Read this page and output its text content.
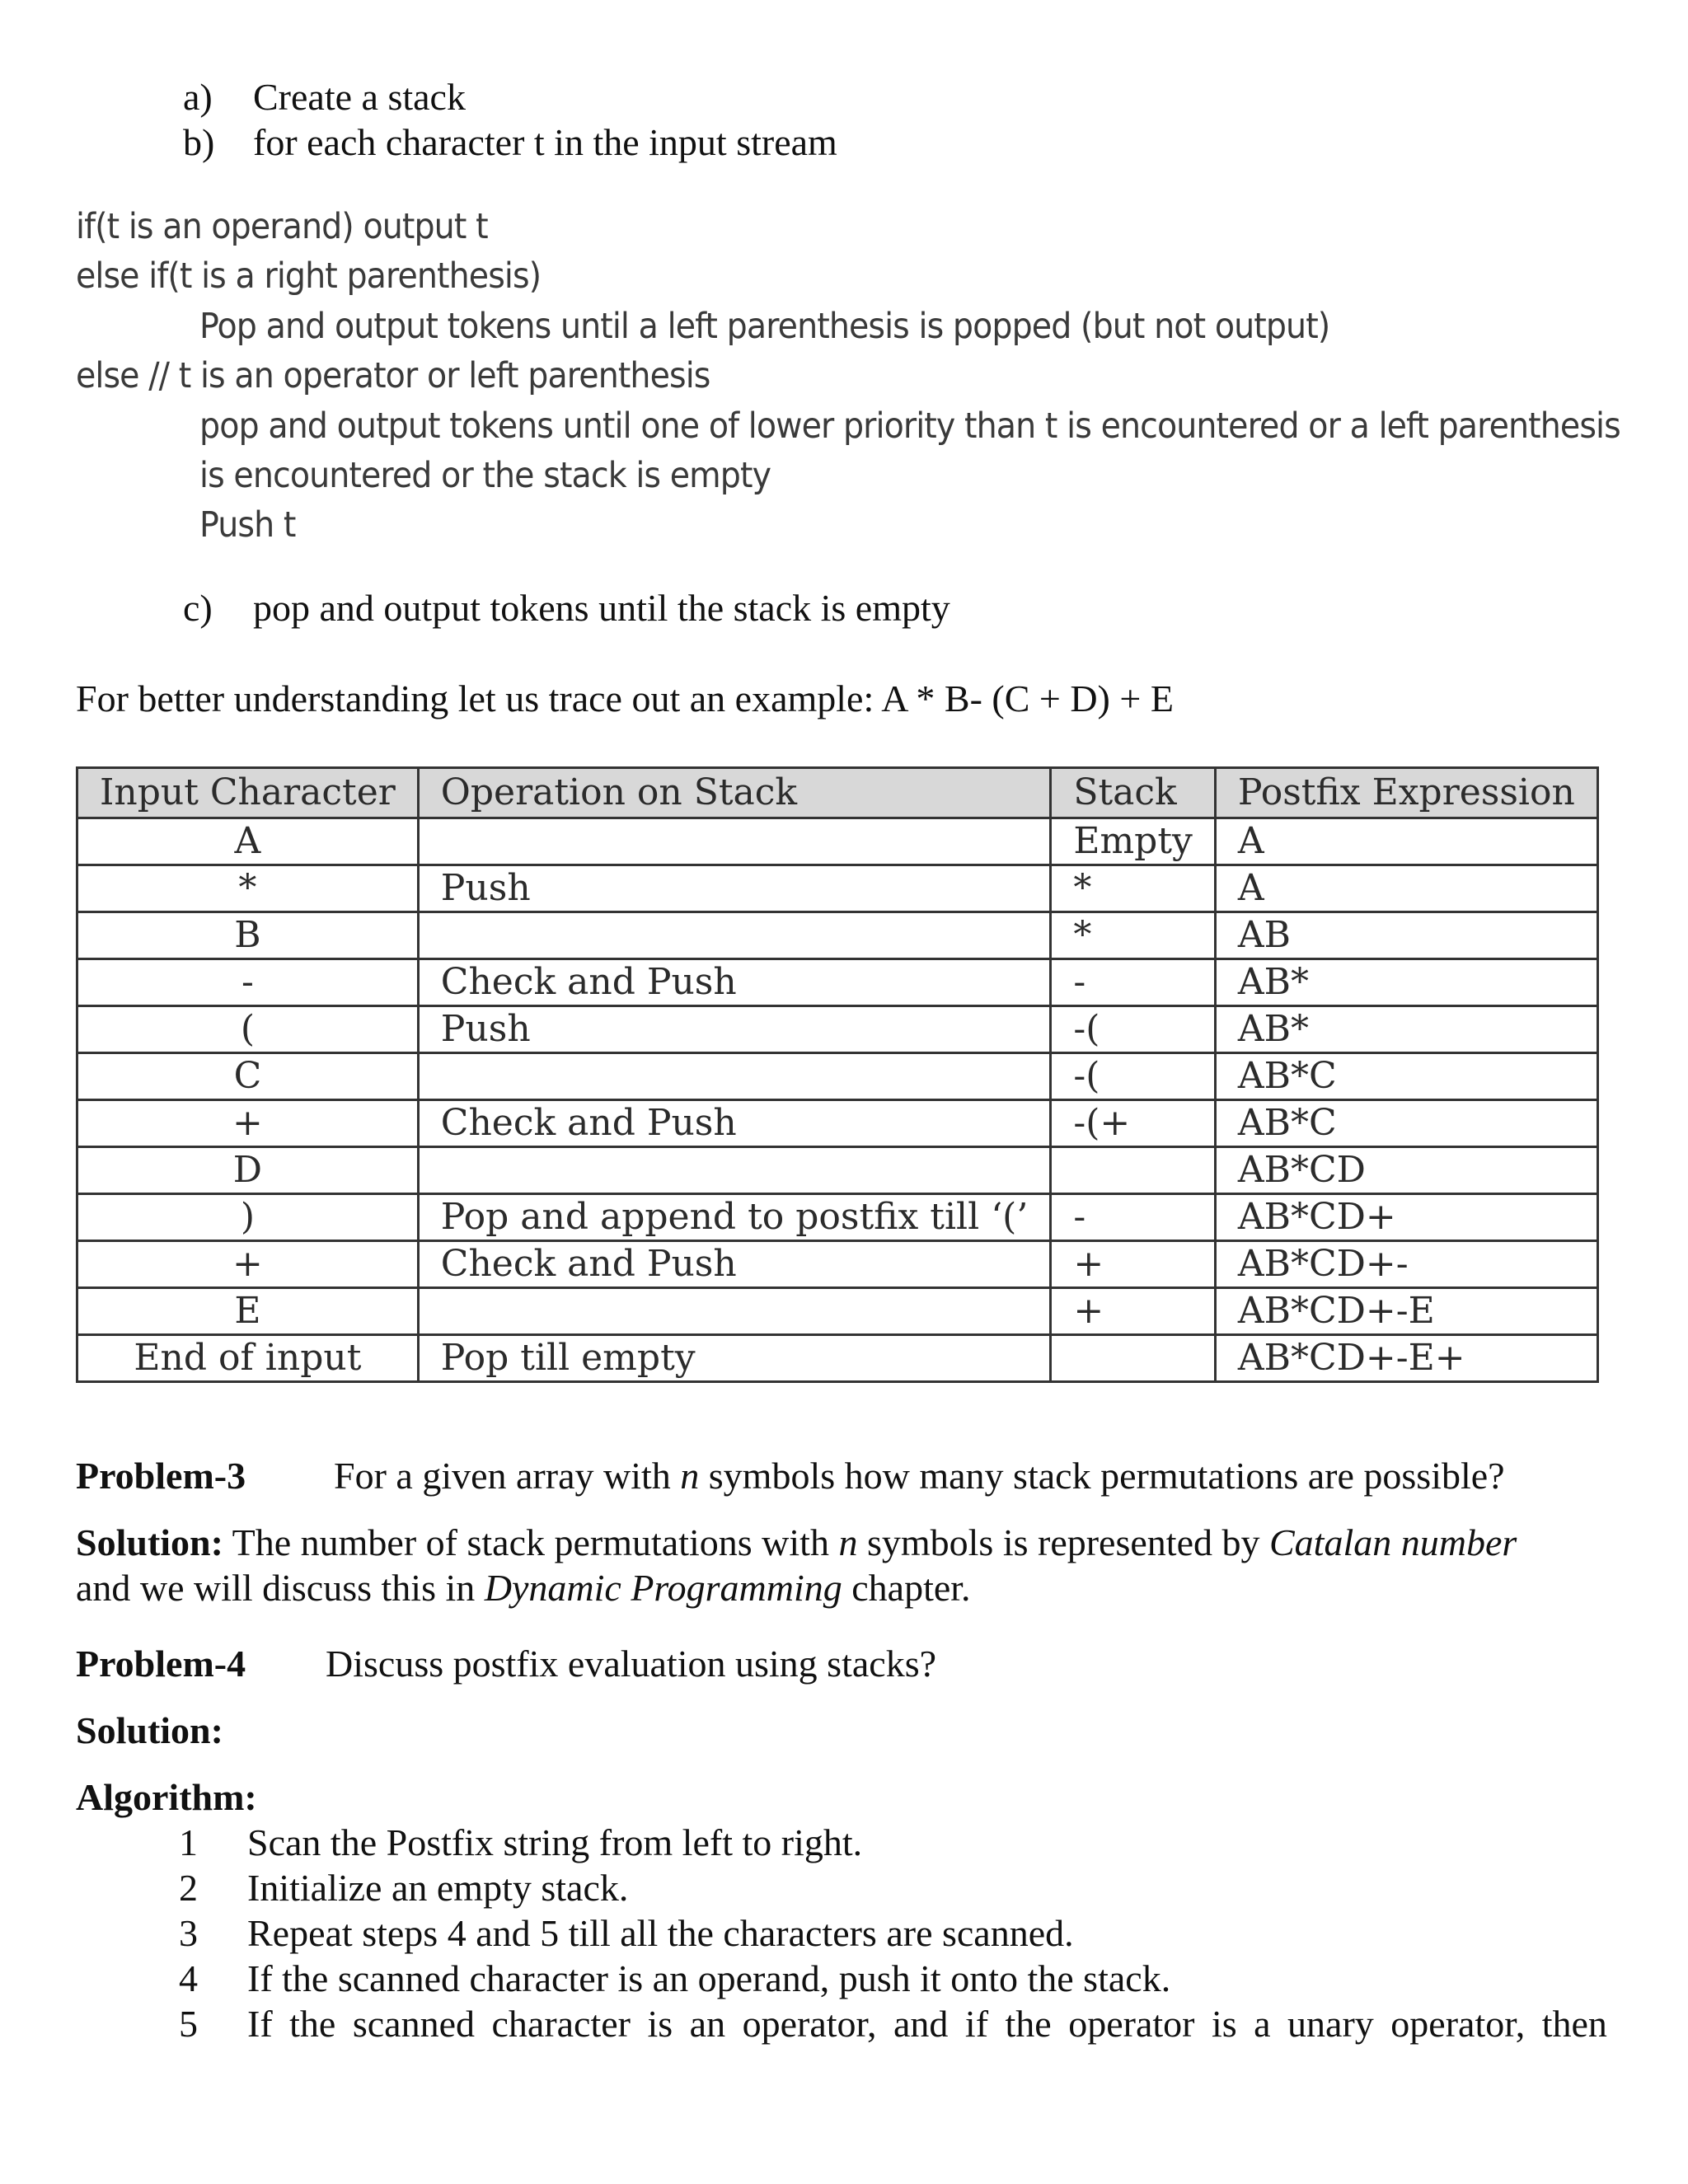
a) Create a stack
b) for each character t in the input stream
if(t is an operand) output t
else if(t is a right parenthesis)
Pop and output tokens until a left parenthesis is popped (but not output)
else // t is an operator or left parenthesis
pop and output tokens until one of lower priority than t is encountered or a left parenthesis
is encountered or the stack is empty
Push t
c) pop and output tokens until the stack is empty
For better understanding let us trace out an example: A * B- (C + D) + E
Input Character	Operation on Stack	Stack	Postfix Expression
A		Empty	A
*	Push	*	A
B		*	AB
-	Check and Push	-	AB*
(	Push	-(	AB*
C		-(	AB*C
+	Check and Push	-(+	AB*C
D			AB*CD
)	Pop and append to postfix till ‘(’	-	AB*CD+
+	Check and Push	+	AB*CD+-
E		+	AB*CD+-E
End of input	Pop till empty		AB*CD+-E+
Problem-3 For a given array with n symbols how many stack permutations are possible?
Solution: The number of stack permutations with n symbols is represented by Catalan number
and we will discuss this in Dynamic Programming chapter.
Problem-4 Discuss postfix evaluation using stacks?
Solution:
Algorithm:
1 Scan the Postfix string from left to right.
2 Initialize an empty stack.
3 Repeat steps 4 and 5 till all the characters are scanned.
4 If the scanned character is an operand, push it onto the stack.
5 If the scanned character is an operator, and if the operator is a unary operator, then
